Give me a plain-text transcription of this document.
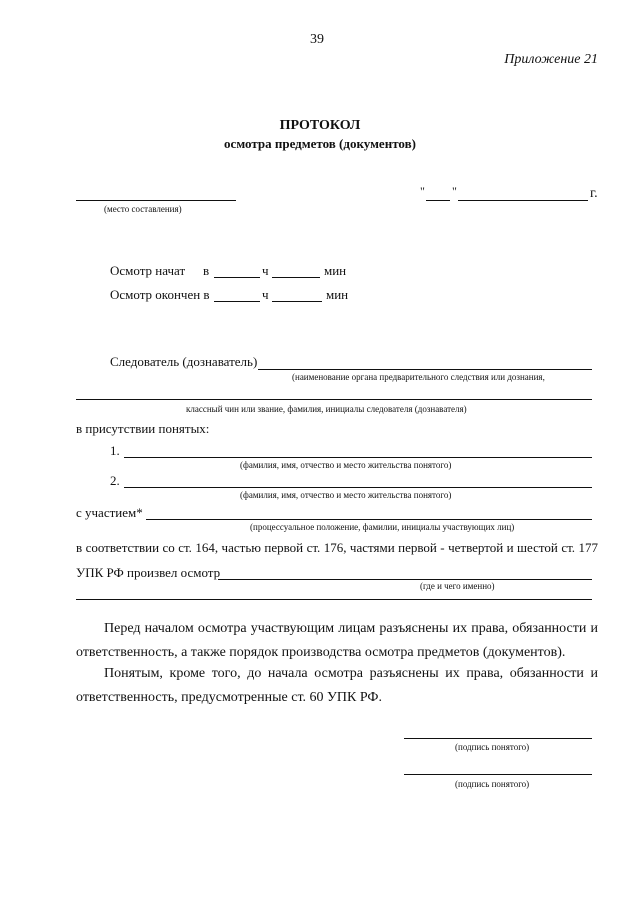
39
Приложение 21
ПРОТОКОЛ
осмотра предметов (документов)
(место составления)
" "	г.
Осмотр начат в	ч	мин
Осмотр окончен в	ч	мин
Следователь (дознаватель)
(наименование органа предварительного следствия или дознания,
классный чин или звание, фамилия, инициалы следователя (дознавателя)
в присутствии понятых:
1.
(фамилия, имя, отчество и место жительства понятого)
2.
(фамилия, имя, отчество и место жительства понятого)
с участием*
(процессуальное положение, фамилии, инициалы участвующих лиц)
в соответствии со ст. 164, частью первой ст. 176, частями первой - четвертой и шестой ст. 177
УПК РФ произвел осмотр
(где и чего именно)
Перед началом осмотра участвующим лицам разъяснены их права, обязанности и ответственность, а также порядок производства осмотра предметов (документов).
Понятым, кроме того, до начала осмотра разъяснены их права, обязанности и ответственность, предусмотренные ст. 60 УПК РФ.
(подпись понятого)
(подпись понятого)
